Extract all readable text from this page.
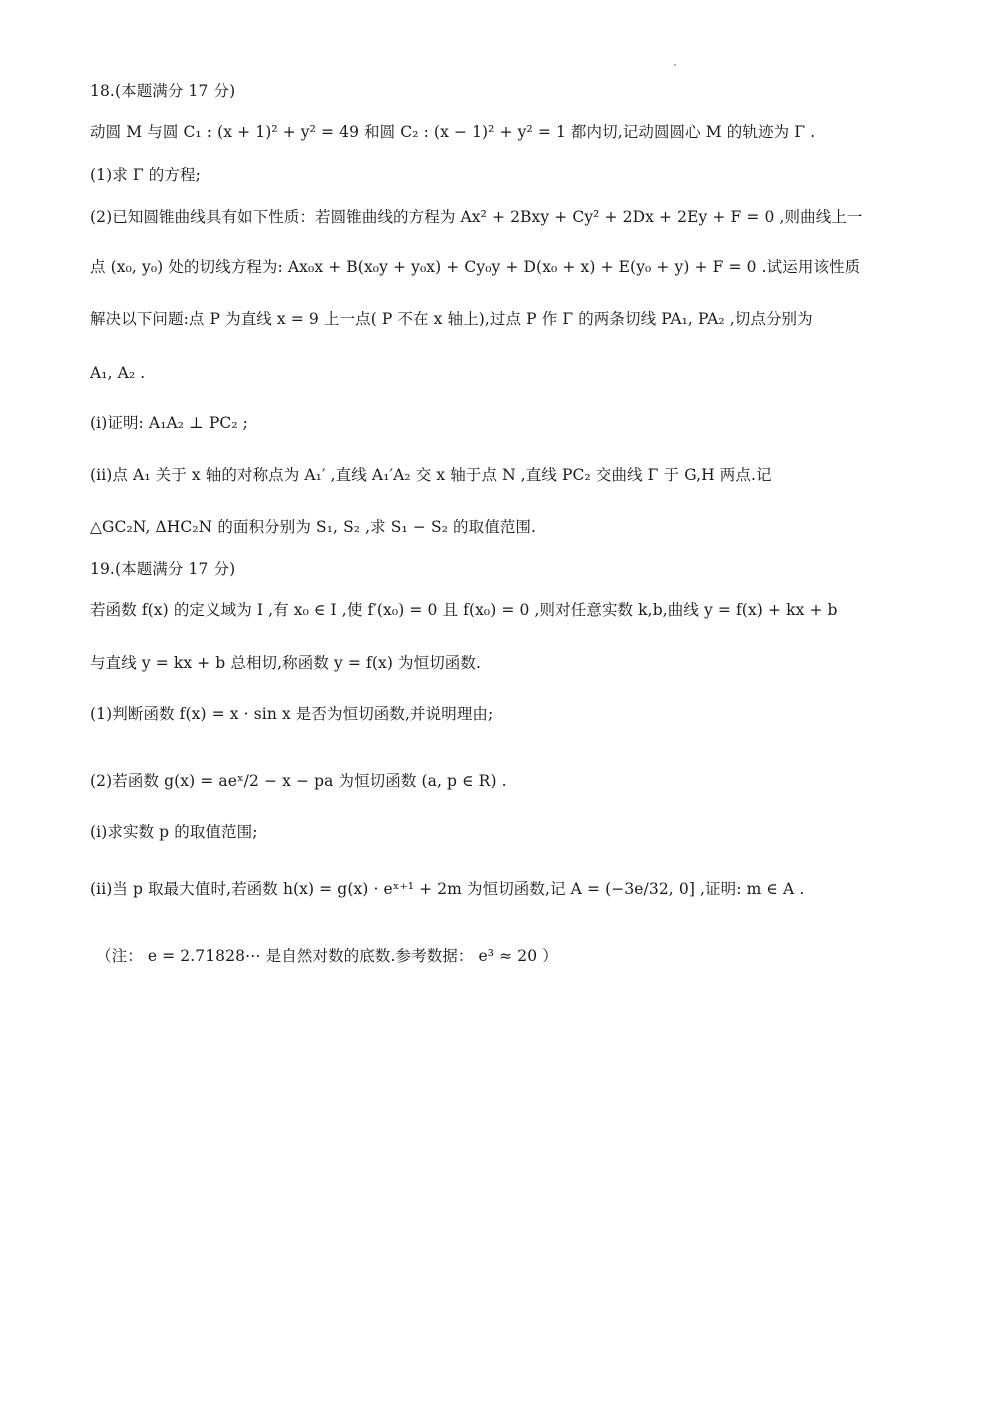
18.(本题满分 17 分)
动圆 M 与圆 C₁ : (x + 1)² + y² = 49 和圆 C₂ : (x − 1)² + y² = 1 都内切,记动圆圆心 M 的轨迹为 Γ .
(1)求 Γ 的方程;
(2)已知圆锥曲线具有如下性质：若圆锥曲线的方程为 Ax² + 2Bxy + Cy² + 2Dx + 2Ey + F = 0 ,则曲线上一
点 (x₀, y₀) 处的切线方程为: Ax₀x + B(x₀y + y₀x) + Cy₀y + D(x₀ + x) + E(y₀ + y) + F = 0 .试运用该性质
解决以下问题:点 P 为直线 x = 9 上一点( P 不在 x 轴上),过点 P 作 Γ 的两条切线 PA₁, PA₂ ,切点分别为
A₁, A₂ .
(i)证明: A₁A₂ ⊥ PC₂ ;
(ii)点 A₁ 关于 x 轴的对称点为 A₁′ ,直线 A₁′A₂ 交 x 轴于点 N ,直线 PC₂ 交曲线 Γ 于 G,H 两点.记
△GC₂N, ΔHC₂N 的面积分别为 S₁, S₂ ,求 S₁ − S₂ 的取值范围.
19.(本题满分 17 分)
若函数 f(x) 的定义域为 I ,有 x₀ ∈ I ,使 f′(x₀) = 0 且 f(x₀) = 0 ,则对任意实数 k,b,曲线 y = f(x) + kx + b
与直线 y = kx + b 总相切,称函数 y = f(x) 为恒切函数.
(1)判断函数 f(x) = x · sin x 是否为恒切函数,并说明理由;
(2)若函数 g(x) = aeˣ/2 − x − pa 为恒切函数 (a, p ∈ R) .
(i)求实数 p 的取值范围;
(ii)当 p 取最大值时,若函数 h(x) = g(x) · eˣ⁺¹ + 2m 为恒切函数,记 A = (−3e/32, 0] ,证明: m ∈ A .
（注： e = 2.71828⋯ 是自然对数的底数.参考数据： e³ ≈ 20 ）
